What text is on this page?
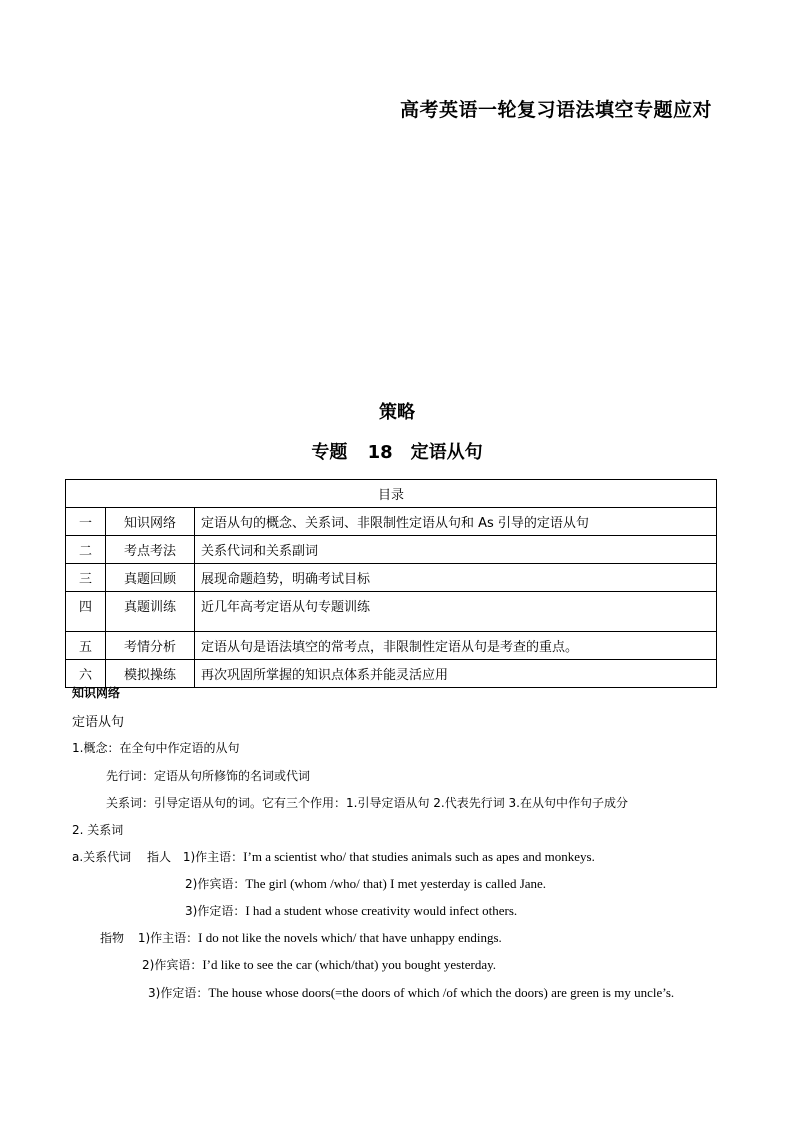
高考英语一轮复习语法填空专题应对
策略
专题 18　定语从句
目录		
一	知识网络	定语从句的概念、关系词、非限制性定语从句和 As 引导的定语从句
二	考点考法	关系代词和关系副词
三	真题回顾	展现命题趋势，明确考试目标
四	真题训练	近几年高考定语从句专题训练
五	考情分析	定语从句是语法填空的常考点，非限制性定语从句是考查的重点。
六	模拟操练	再次巩固所掌握的知识点体系并能灵活应用

知识网络

定语从句

1.概念：在全句中作定语的从句

先行词：定语从句所修饰的名词或代词

关系词：引导定语从句的词。它有三个作用：1.引导定语从句 2.代表先行词 3.在从句中作句子成分

2. 关系词

a.关系代词 指人 1)作主语：I’m a scientist who/ that studies animals such as apes and monkeys.

2)作宾语：The girl (whom /who/ that) I met yesterday is called Jane.

3)作定语：I had a student whose creativity would infect others.

指物 1)作主语：I do not like the novels which/ that have unhappy endings.

2)作宾语：I’d like to see the car (which/that) you bought yesterday.

3)作定语：The house whose doors(=the doors of which /of which the doors) are green is my uncle’s.
